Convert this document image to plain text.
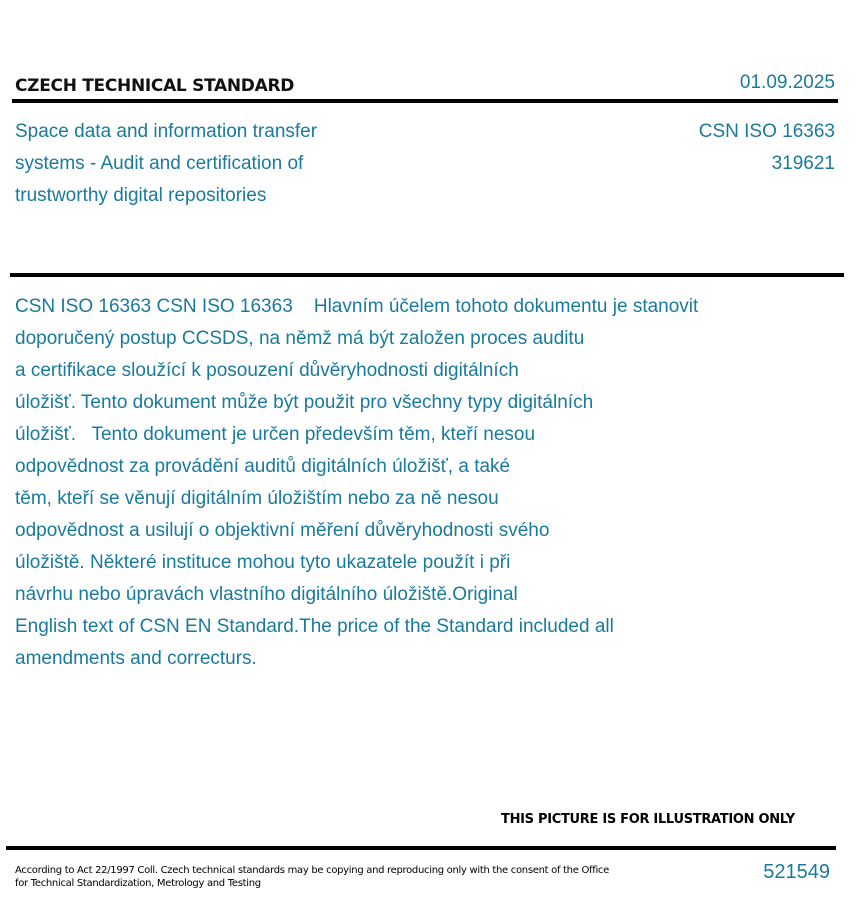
CZECH TECHNICAL STANDARD	01.09.2025
Space data and information transfer
systems - Audit and certification of
trustworthy digital repositories
CSN ISO 16363
319621
CSN ISO 16363 CSN ISO 16363    Hlavním účelem tohoto dokumentu je stanovit
doporučený postup CCSDS, na němž má být založen proces auditu
a certifikace sloužící k posouzení důvěryhodnosti digitálních
úložišť. Tento dokument může být použit pro všechny typy digitálních
úložišť.   Tento dokument je určen především těm, kteří nesou
odpovědnost za provádění auditů digitálních úložišť, a také
těm, kteří se věnují digitálním úložištím nebo za ně nesou
odpovědnost a usilují o objektivní měření důvěryhodnosti svého
úložiště. Některé instituce mohou tyto ukazatele použít i při
návrhu nebo úpravách vlastního digitálního úložiště.Original
English text of CSN EN Standard.The price of the Standard included all
amendments and correcturs.
THIS PICTURE IS FOR ILLUSTRATION ONLY
According to Act 22/1997 Coll. Czech technical standards may be copying and reproducing only with the consent of the Office
for Technical Standardization, Metrology and Testing
521549
